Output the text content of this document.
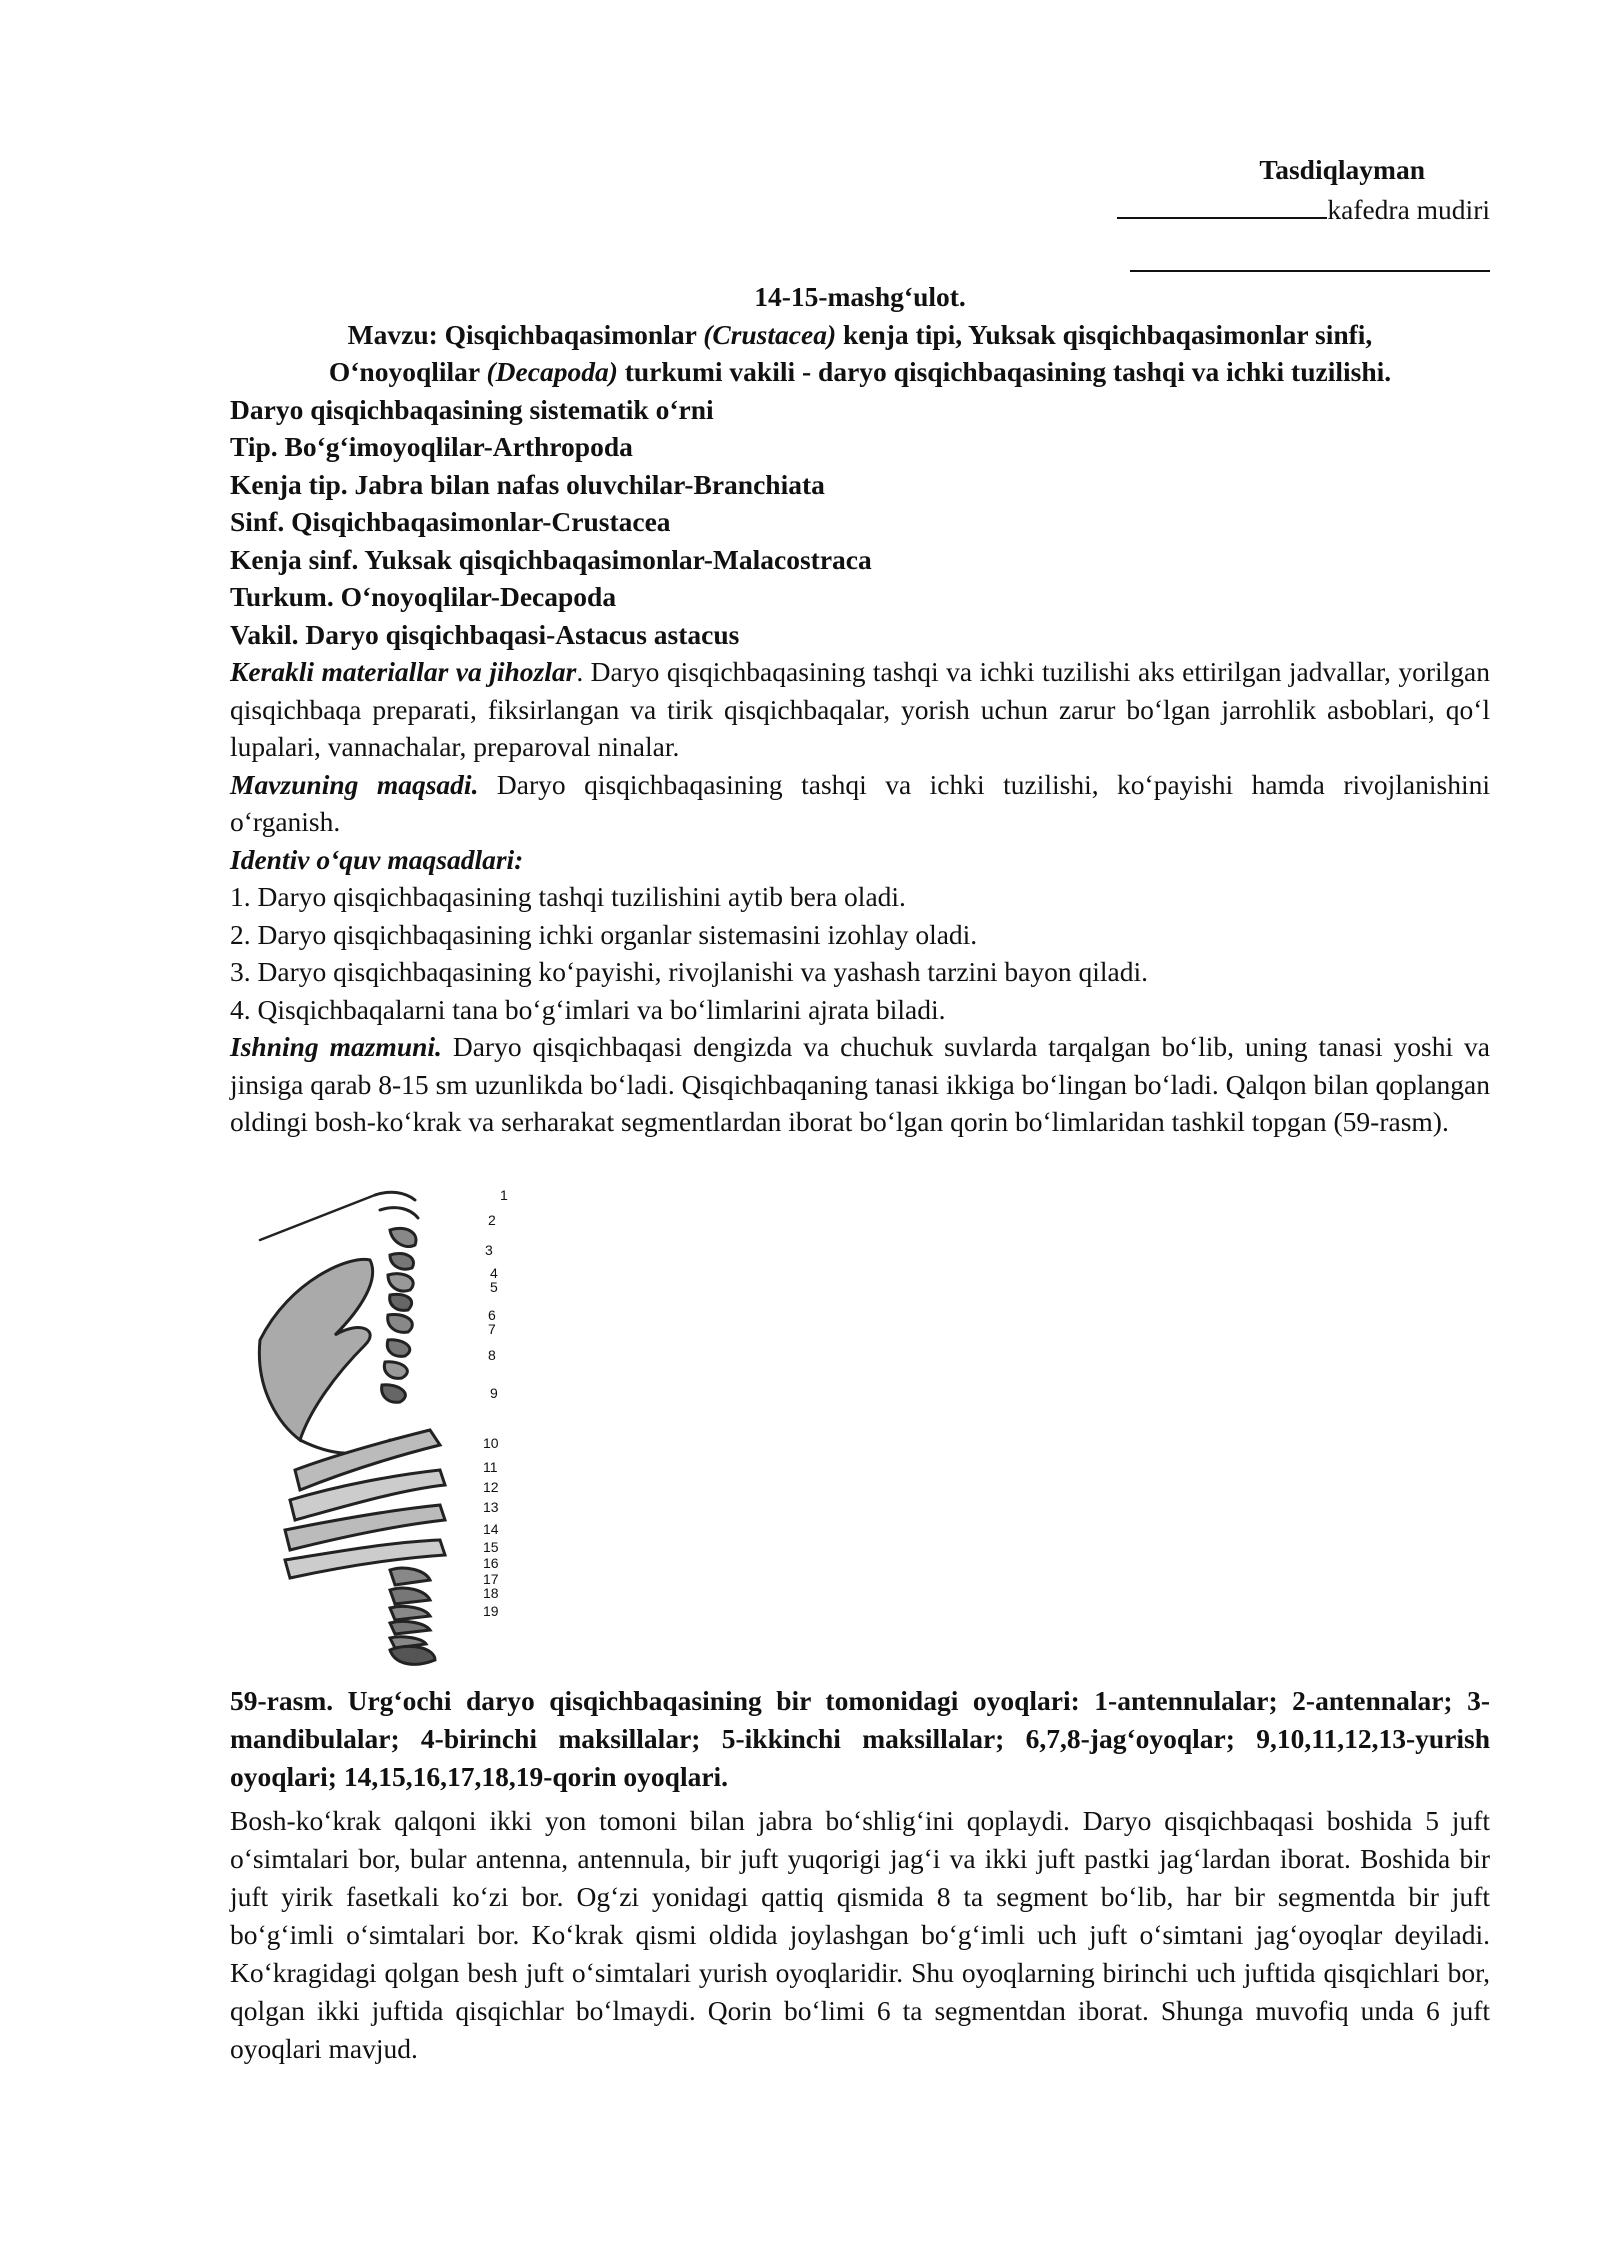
Tasdiqlayman
kafedra mudiri

14-15-mashg‘ulot.

Mavzu: Qisqichbaqasimonlar (Crustacea) kenja tipi, Yuksak qisqichbaqasimonlar sinfi,

O‘noyoqlilar (Decapoda) turkumi vakili - daryo qisqichbaqasining tashqi va ichki tuzilishi.

Daryo qisqichbaqasining sistematik o‘rni

Tip. Bo‘g‘imoyoqlilar-Arthropoda

Kenja tip. Jabra bilan nafas oluvchilar-Branchiata

Sinf. Qisqichbaqasimonlar-Crustacea

Kenja sinf. Yuksak qisqichbaqasimonlar-Malacostraca

Turkum. O‘noyoqlilar-Decapoda

Vakil. Daryo qisqichbaqasi-Astacus astacus

Kerakli materiallar va jihozlar. Daryo qisqichbaqasining tashqi va ichki tuzilishi aks ettirilgan jadvallar, yorilgan qisqichbaqa preparati, fiksirlangan va tirik qisqichbaqalar, yorish uchun zarur bo‘lgan jarrohlik asboblari, qo‘l lupalari, vannachalar, preparoval ninalar.

Mavzuning maqsadi. Daryo qisqichbaqasining tashqi va ichki tuzilishi, ko‘payishi hamda rivojlanishini o‘rganish.

Identiv o‘quv maqsadlari:

1. Daryo qisqichbaqasining tashqi tuzilishini aytib bera oladi.

2. Daryo qisqichbaqasining ichki organlar sistemasini izohlay oladi.

3. Daryo qisqichbaqasining ko‘payishi, rivojlanishi va yashash tarzini bayon qiladi.

4. Qisqichbaqalarni tana bo‘g‘imlari va bo‘limlarini ajrata biladi.

Ishning mazmuni. Daryo qisqichbaqasi dengizda va chuchuk suvlarda tarqalgan bo‘lib, uning tanasi yoshi va jinsiga qarab 8-15 sm uzunlikda bo‘ladi. Qisqichbaqaning tanasi ikkiga bo‘lingan bo‘ladi. Qalqon bilan qoplangan oldingi bosh-ko‘krak va serharakat segmentlardan iborat bo‘lgan qorin bo‘limlaridan tashkil topgan (59-rasm).

1
2
3
4
5
6
7
8
9
10
11
12
13
14
15
16
17
18
19
59-rasm. Urg‘ochi daryo qisqichbaqasining bir tomonidagi oyoqlari: 1-antennulalar; 2-antennalar; 3-mandibulalar; 4-birinchi maksillalar; 5-ikkinchi maksillalar; 6,7,8-jag‘oyoqlar; 9,10,11,12,13-yurish oyoqlari; 14,15,16,17,18,19-qorin oyoqlari.
Bosh-ko‘krak qalqoni ikki yon tomoni bilan jabra bo‘shlig‘ini qoplaydi. Daryo qisqichbaqasi boshida 5 juft o‘simtalari bor, bular antenna, antennula, bir juft yuqorigi jag‘i va ikki juft pastki jag‘lardan iborat. Boshida bir juft yirik fasetkali ko‘zi bor. Og‘zi yonidagi qattiq qismida 8 ta segment bo‘lib, har bir segmentda bir juft bo‘g‘imli o‘simtalari bor. Ko‘krak qismi oldida joylashgan bo‘g‘imli uch juft o‘simtani jag‘oyoqlar deyiladi. Ko‘kragidagi qolgan besh juft o‘simtalari yurish oyoqlaridir. Shu oyoqlarning birinchi uch juftida qisqichlari bor, qolgan ikki juftida qisqichlar bo‘lmaydi. Qorin bo‘limi 6 ta segmentdan iborat. Shunga muvofiq unda 6 juft oyoqlari mavjud.
